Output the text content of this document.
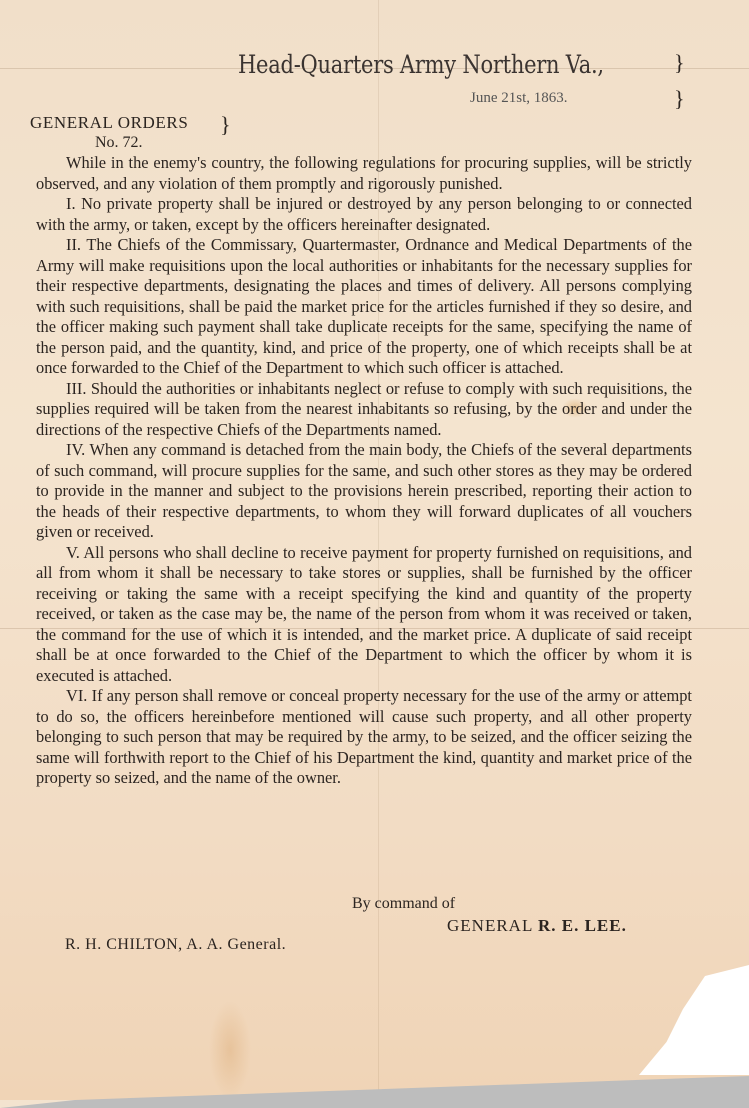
Head-Quarters Army Northern Va.,	}
June 21st, 1863.	}
GENERAL ORDERS }
No. 72.

While in the enemy's country, the following regulations for procuring supplies, will be strictly observed, and any violation of them promptly and rigorously punished.

I. No private property shall be injured or destroyed by any person belonging to or connected with the army, or taken, except by the officers hereinafter designated.

II. The Chiefs of the Commissary, Quartermaster, Ordnance and Medical Departments of the Army will make requisitions upon the local authorities or inhabitants for the necessary supplies for their respective departments, designating the places and times of delivery. All persons complying with such requisitions, shall be paid the market price for the articles furnished if they so desire, and the officer making such payment shall take duplicate receipts for the same, specifying the name of the person paid, and the quantity, kind, and price of the property, one of which receipts shall be at once forwarded to the Chief of the Department to which such officer is attached.

III. Should the authorities or inhabitants neglect or refuse to comply with such requisitions, the supplies required will be taken from the nearest inhabitants so refusing, by the order and under the directions of the respective Chiefs of the Departments named.

IV. When any command is detached from the main body, the Chiefs of the several departments of such command, will procure supplies for the same, and such other stores as they may be ordered to provide in the manner and subject to the provisions herein prescribed, reporting their action to the heads of their respective departments, to whom they will forward duplicates of all vouchers given or received.

V. All persons who shall decline to receive payment for property furnished on requisitions, and all from whom it shall be necessary to take stores or supplies, shall be furnished by the officer receiving or taking the same with a receipt specifying the kind and quantity of the property received, or taken as the case may be, the name of the person from whom it was received or taken, the command for the use of which it is intended, and the market price. A duplicate of said receipt shall be at once forwarded to the Chief of the Department to which the officer by whom it is executed is attached.

VI. If any person shall remove or conceal property necessary for the use of the army or attempt to do so, the officers hereinbefore mentioned will cause such property, and all other property belonging to such person that may be required by the army, to be seized, and the officer seizing the same will forthwith report to the Chief of his Department the kind, quantity and market price of the property so seized, and the name of the owner.

By command of
GENERAL R. E. LEE.
R. H. CHILTON, A. A. General.
